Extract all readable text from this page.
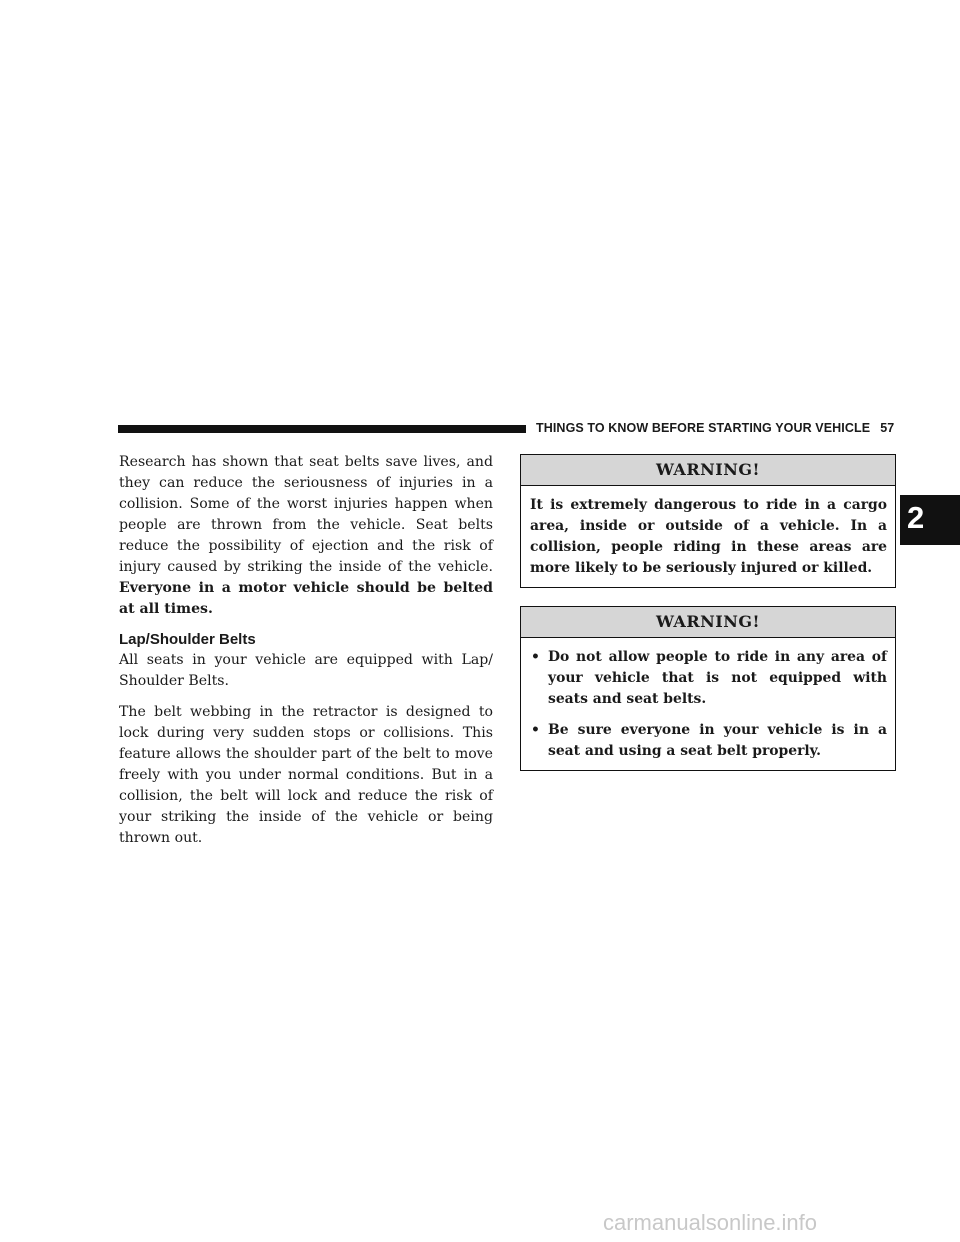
THINGS TO KNOW BEFORE STARTING YOUR VEHICLE 57
2

Research has shown that seat belts save lives, and they can reduce the seriousness of injuries in a collision. Some of the worst injuries happen when people are thrown from the vehicle. Seat belts reduce the possibility of ejection and the risk of injury caused by striking the inside of the vehicle. Everyone in a motor vehicle should be belted at all times.

Lap/Shoulder Belts

All seats in your vehicle are equipped with Lap/ Shoulder Belts.

The belt webbing in the retractor is designed to lock during very sudden stops or collisions. This feature allows the shoulder part of the belt to move freely with you under normal conditions. But in a collision, the belt will lock and reduce the risk of your striking the inside of the vehicle or being thrown out.

WARNING!
It is extremely dangerous to ride in a cargo area, inside or outside of a vehicle. In a collision, people riding in these areas are more likely to be seriously injured or killed.
WARNING!
• Do not allow people to ride in any area of your vehicle that is not equipped with seats and seat belts.
• Be sure everyone in your vehicle is in a seat and using a seat belt properly.
carmanualsonline.info
